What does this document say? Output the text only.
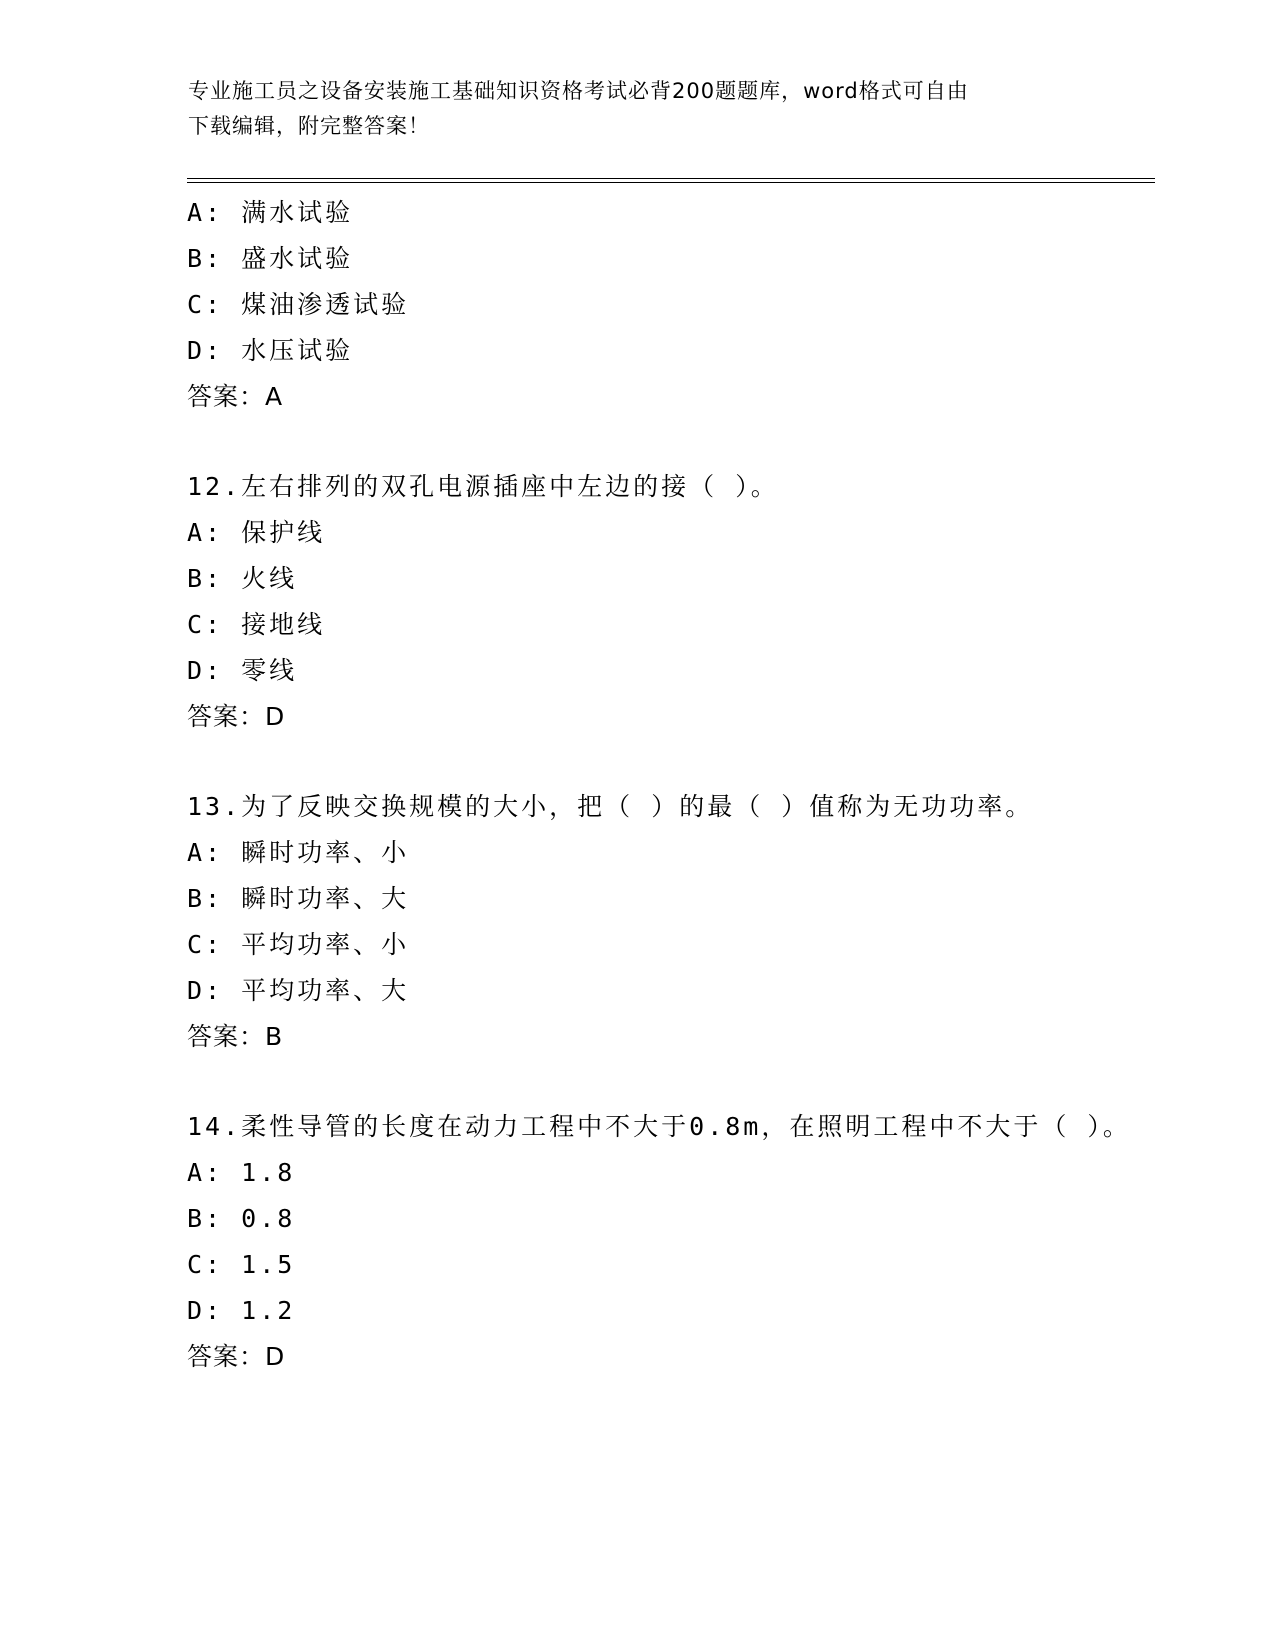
专业施工员之设备安装施工基础知识资格考试必背200题题库，word格式可自由
下载编辑，附完整答案！
A: 满水试验
B: 盛水试验
C: 煤油渗透试验
D: 水压试验
答案：A
12.左右排列的双孔电源插座中左边的接（ ）。
A: 保护线
B: 火线
C: 接地线
D: 零线
答案：D
13.为了反映交换规模的大小，把（ ）的最（ ）值称为无功功率。
A: 瞬时功率、小
B: 瞬时功率、大
C: 平均功率、小
D: 平均功率、大
答案：B
14.柔性导管的长度在动力工程中不大于0.8m，在照明工程中不大于（ ）。
A: 1.8
B: 0.8
C: 1.5
D: 1.2
答案：D
